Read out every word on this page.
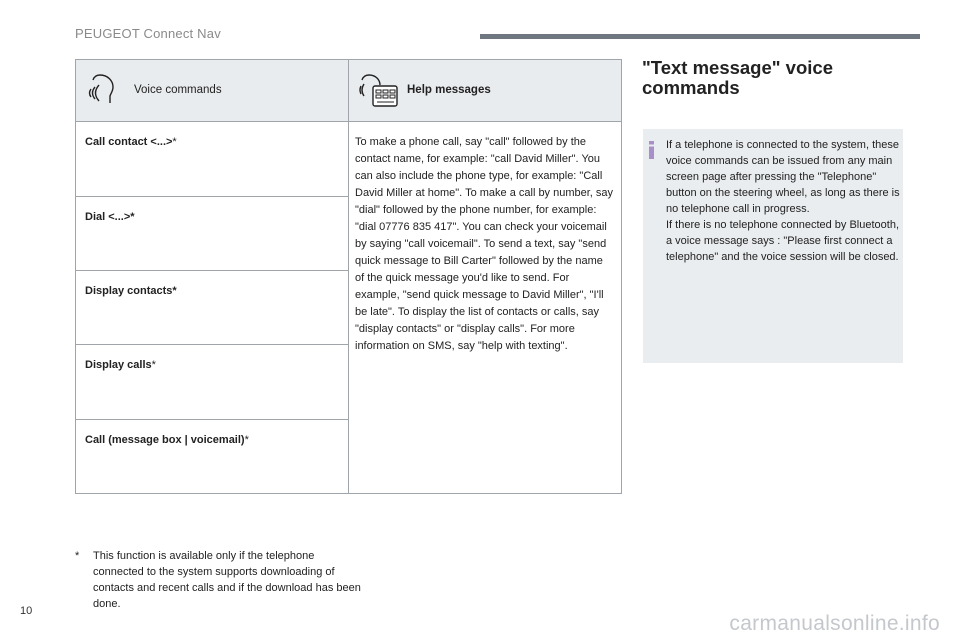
PEUGEOT Connect Nav
Voice commands	Help messages

Call contact <...>*	To make a phone call, say "call" followed by the contact name, for example: "call David Miller". You can also include the phone type, for example: "Call David Miller at home". To make a call by number, say "dial" followed by the phone number, for example: "dial 07776 835 417". You can check your voicemail by saying "call voicemail". To send a text, say "send quick message to Bill Carter" followed by the name of the quick message you'd like to send. For example, "send quick message to David Miller", "I'll be late". To display the list of contacts or calls, say "display contacts" or "display calls". For more information on SMS, say "help with texting".
Dial <...>*	
Display contacts*	
Display calls*	
Call (message box | voicemail)*	
"Text message" voice commands
If a telephone is connected to the system, these voice commands can be issued from any main screen page after pressing the "Telephone" button on the steering wheel, as long as there is no telephone call in progress.
If there is no telephone connected by Bluetooth, a voice message says : "Please first connect a telephone" and the voice session will be closed.
* This function is available only if the telephone connected to the system supports downloading of contacts and recent calls and if the download has been done.
10
carmanualsonline.info
